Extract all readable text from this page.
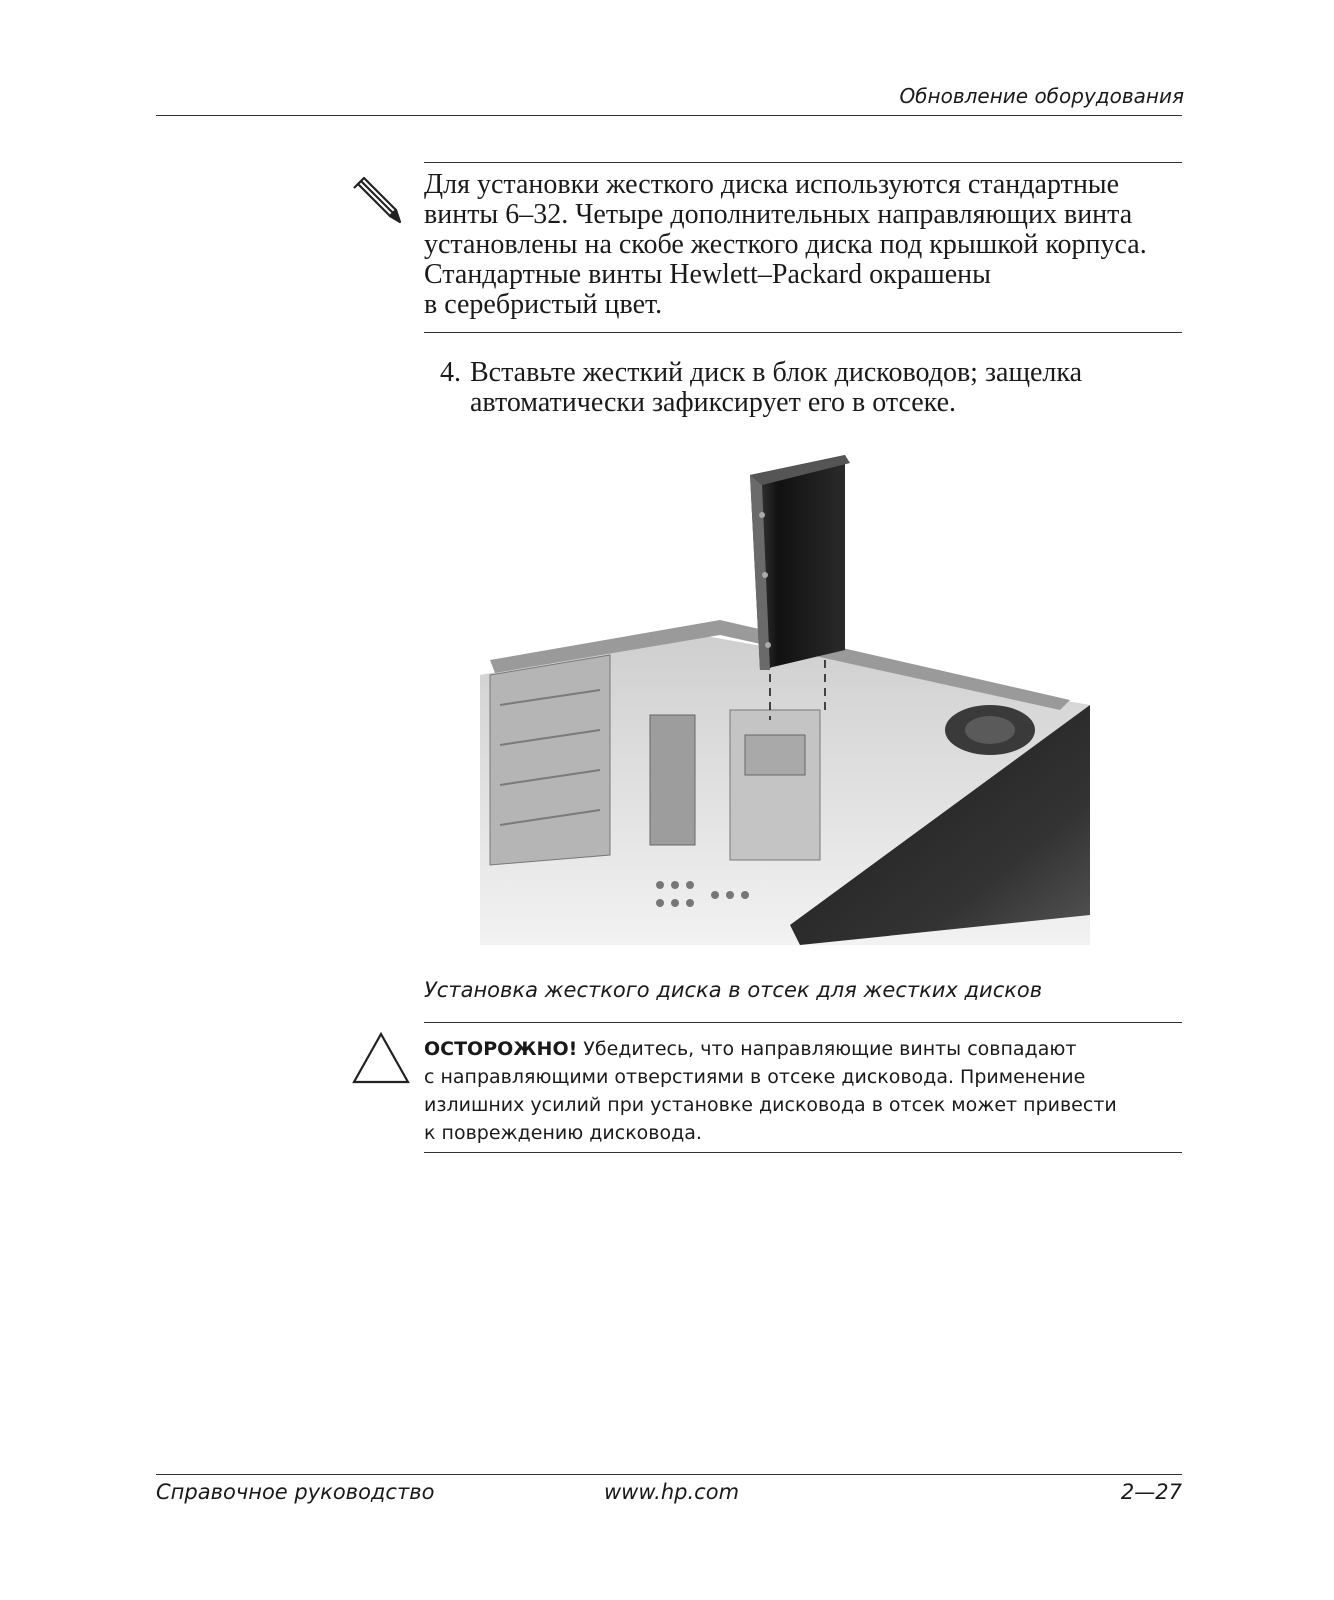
Обновление оборудования
Для установки жесткого диска используются стандартные
винты 6–32. Четыре дополнительных направляющих винта
установлены на скобе жесткого диска под крышкой корпуса.
Стандартные винты Hewlett–Packard окрашены
в серебристый цвет.
4. Вставьте жесткий диск в блок дисководов; защелка
автоматически зафиксирует его в отсеке.
Установка жесткого диска в отсек для жестких дисков
ОСТОРОЖНО! Убедитесь, что направляющие винты совпадают
с направляющими отверстиями в отсеке дисковода. Применение
излишних усилий при установке дисковода в отсек может привести
к повреждению дисковода.
Справочное руководство	www.hp.com	2—27
